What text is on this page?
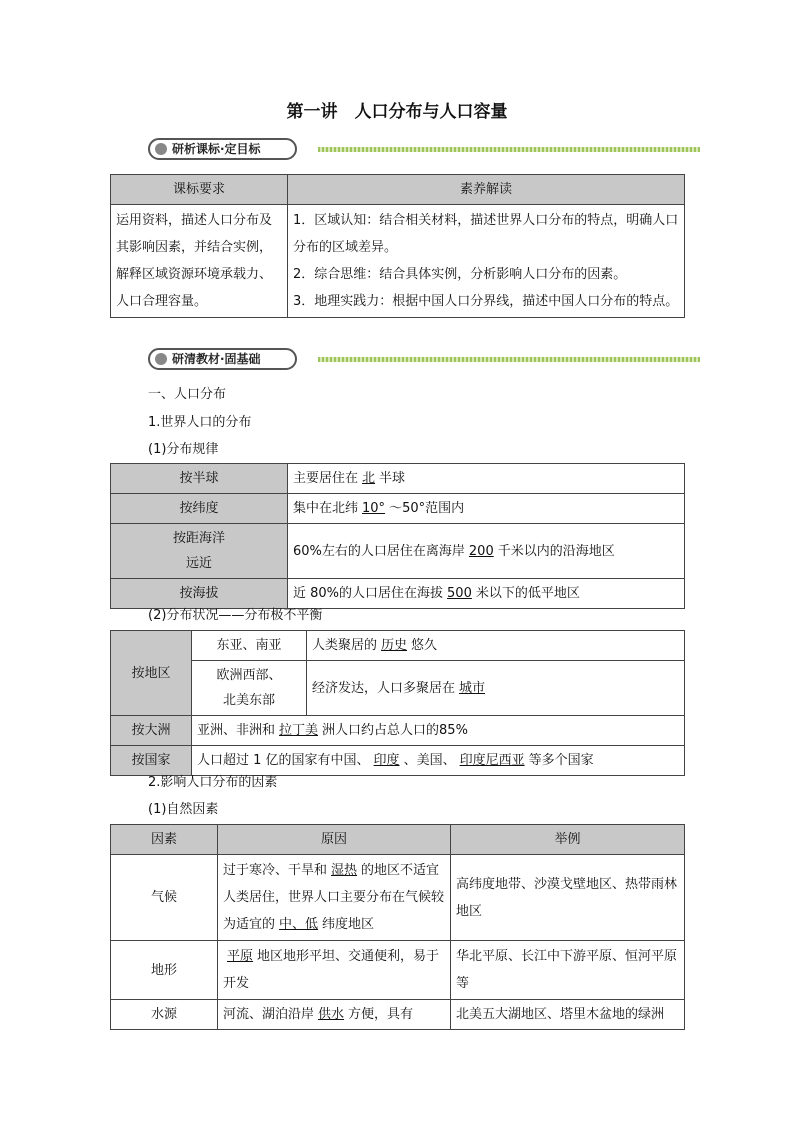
第一讲　人口分布与人口容量
研析课标·定目标
课标要求	素养解读
运用资料，描述人口分布及其影响因素，并结合实例，解释区域资源环境承载力、人口合理容量。	1．区域认知：结合相关材料，描述世界人口分布的特点，明确人口分布的区域差异。
2．综合思维：结合具体实例，分析影响人口分布的因素。
3．地理实践力：根据中国人口分界线，描述中国人口分布的特点。
研清教材·固基础
一、人口分布
1.世界人口的分布
(1)分布规律
按半球	主要居住在 北 半球
按纬度	集中在北纬 10° ～50°范围内

按距海洋
远近	60%左右的人口居住在离海岸 200 千米以内的沿海地区
按海拔	近 80%的人口居住在海拔 500 米以下的低平地区
(2)分布状况——分布极不平衡
按地区	东亚、南亚	人类聚居的 历史 悠久

	欧洲西部、
北美东部	经济发达，人口多聚居在 城市
按大洲	亚洲、非洲和 拉丁美 洲人口约占总人口的85%	
按国家	人口超过 1 亿的国家有中国、 印度 、美国、 印度尼西亚 等多个国家	
2.影响人口分布的因素
(1)自然因素
因素	原因	举例
气候	过于寒冷、干旱和 湿热 的地区不适宜人类居住，世界人口主要分布在气候较为适宜的 中、低 纬度地区	高纬度地带、沙漠戈壁地区、热带雨林地区
地形	平原 地区地形平坦、交通便利，易于开发	华北平原、长江中下游平原、恒河平原等
水源	河流、湖泊沿岸 供水 方便，具有	北美五大湖地区、塔里木盆地的绿洲
